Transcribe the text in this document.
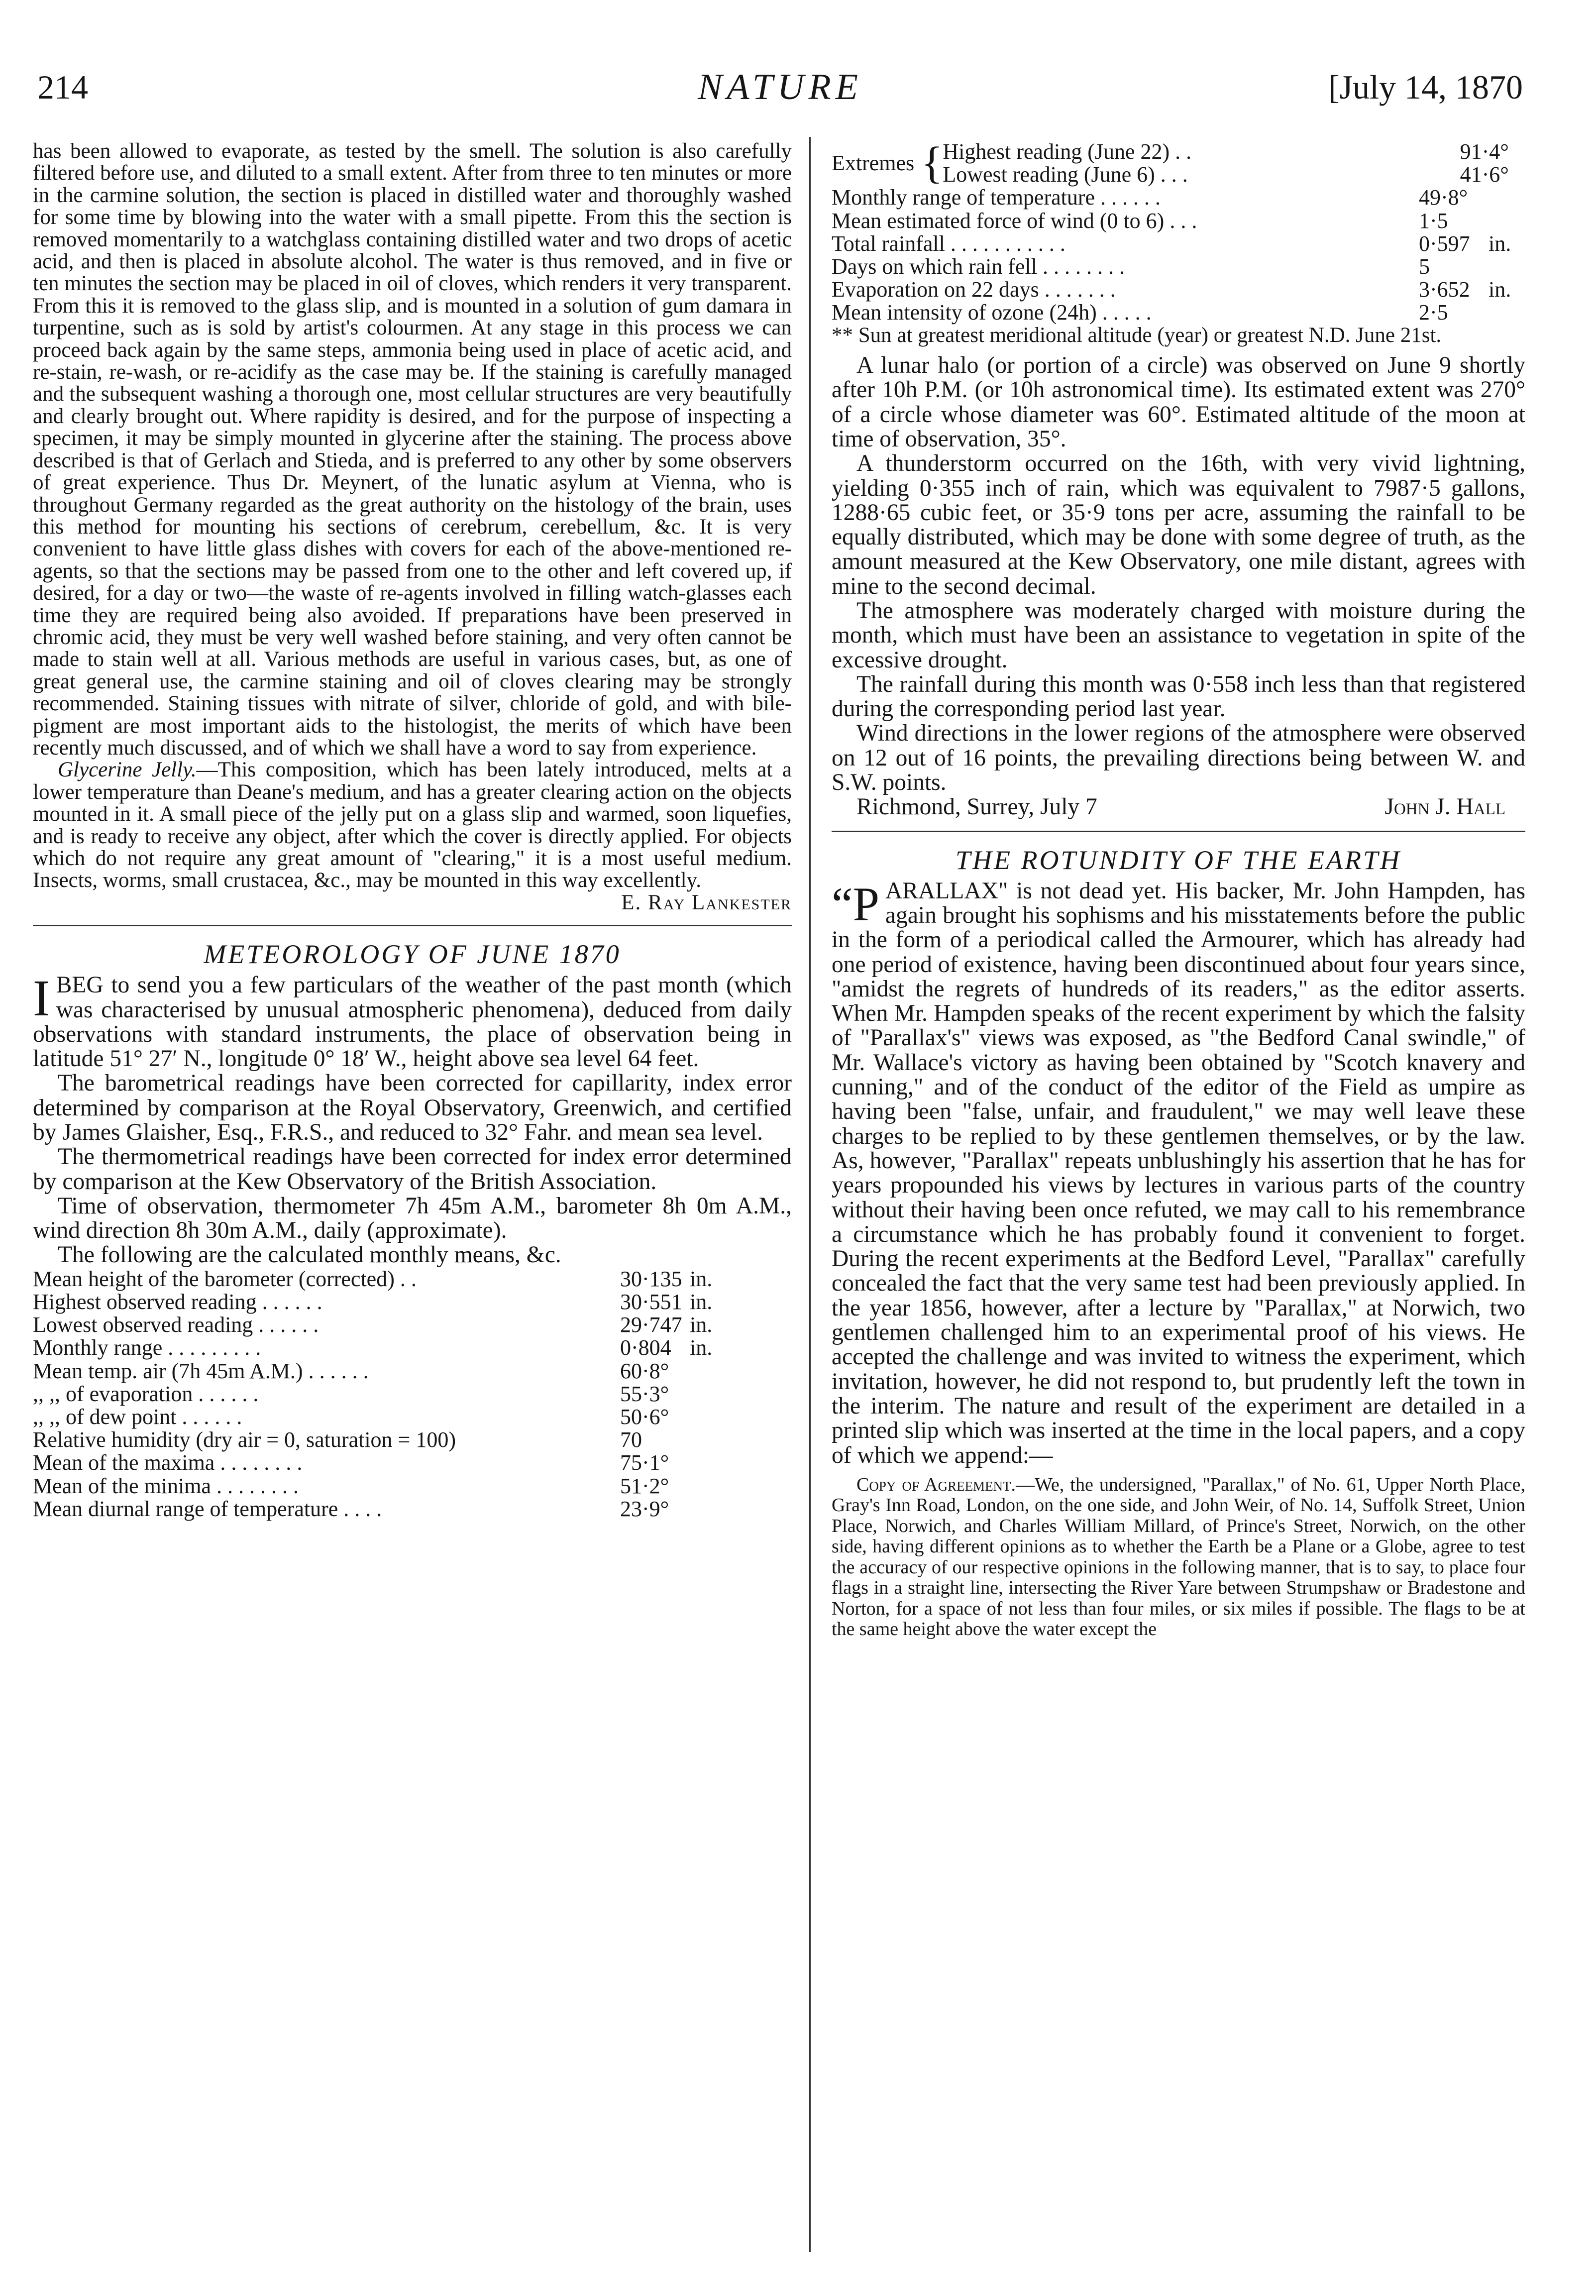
214	NATURE	[July 14, 1870

has been allowed to evaporate, as tested by the smell. The solution is also carefully filtered before use, and diluted to a small extent. After from three to ten minutes or more in the carmine solution, the section is placed in distilled water and thoroughly washed for some time by blowing into the water with a small pipette. From this the section is removed momentarily to a watchglass containing distilled water and two drops of acetic acid, and then is placed in absolute alcohol. The water is thus removed, and in five or ten minutes the section may be placed in oil of cloves, which renders it very transparent. From this it is removed to the glass slip, and is mounted in a solution of gum damara in turpentine, such as is sold by artist's colourmen. At any stage in this process we can proceed back again by the same steps, ammonia being used in place of acetic acid, and re-stain, re-wash, or re-acidify as the case may be. If the staining is carefully managed and the subsequent washing a thorough one, most cellular structures are very beautifully and clearly brought out. Where rapidity is desired, and for the purpose of inspecting a specimen, it may be simply mounted in glycerine after the staining. The process above described is that of Gerlach and Stieda, and is preferred to any other by some observers of great experience. Thus Dr. Meynert, of the lunatic asylum at Vienna, who is throughout Germany regarded as the great authority on the histology of the brain, uses this method for mounting his sections of cerebrum, cerebellum, &c. It is very convenient to have little glass dishes with covers for each of the above-mentioned re-agents, so that the sections may be passed from one to the other and left covered up, if desired, for a day or two—the waste of re-agents involved in filling watch-glasses each time they are required being also avoided. If preparations have been preserved in chromic acid, they must be very well washed before staining, and very often cannot be made to stain well at all. Various methods are useful in various cases, but, as one of great general use, the carmine staining and oil of cloves clearing may be strongly recommended. Staining tissues with nitrate of silver, chloride of gold, and with bile-pigment are most important aids to the histologist, the merits of which have been recently much discussed, and of which we shall have a word to say from experience.

Glycerine Jelly.—This composition, which has been lately introduced, melts at a lower temperature than Deane's medium, and has a greater clearing action on the objects mounted in it. A small piece of the jelly put on a glass slip and warmed, soon liquefies, and is ready to receive any object, after which the cover is directly applied. For objects which do not require any great amount of "clearing," it is a most useful medium. Insects, worms, small crustacea, &c., may be mounted in this way excellently.

E. Ray Lankester

METEOROLOGY OF JUNE 1870

IBEG to send you a few particulars of the weather of the past month (which was characterised by unusual atmospheric phenomena), deduced from daily observations with standard instruments, the place of observation being in latitude 51° 27′ N., longitude 0° 18′ W., height above sea level 64 feet.

The barometrical readings have been corrected for capillarity, index error determined by comparison at the Royal Observatory, Greenwich, and certified by James Glaisher, Esq., F.R.S., and reduced to 32° Fahr. and mean sea level.

The thermometrical readings have been corrected for index error determined by comparison at the Kew Observatory of the British Association.

Time of observation, thermometer 7h 45m A.M., barometer 8h 0m A.M., wind direction 8h 30m A.M., daily (approximate).

The following are the calculated monthly means, &c.

Mean height of the barometer (corrected) . .	30·135	in.
Highest observed reading . . . . . .	30·551	in.
Lowest observed reading . . . . . .	29·747	in.
Monthly range . . . . . . . . .	0·804	in.
Mean temp. air (7h 45m A.M.) . . . . . .	60·8°	
,, ,, of evaporation . . . . . .	55·3°	
,, ,, of dew point . . . . . .	50·6°	
Relative humidity (dry air = 0, saturation = 100)	70	
Mean of the maxima . . . . . . . .	75·1°	
Mean of the minima . . . . . . . .	51·2°	
Mean diurnal range of temperature . . . .	23·9°	
Extremes { Highest reading (June 22) . .	91·4°	
Lowest reading (June 6) . . .	41·6°	
Monthly range of temperature . . . . . .	49·8°	
Mean estimated force of wind (0 to 6) . . .	1·5	
Total rainfall . . . . . . . . . . .	0·597	in.
Days on which rain fell . . . . . . . .	5	
Evaporation on 22 days . . . . . . .	3·652	in.
Mean intensity of ozone (24h) . . . . .	2·5	

** Sun at greatest meridional altitude (year) or greatest N.D. June 21st.

A lunar halo (or portion of a circle) was observed on June 9 shortly after 10h P.M. (or 10h astronomical time). Its estimated extent was 270° of a circle whose diameter was 60°. Estimated altitude of the moon at time of observation, 35°.

A thunderstorm occurred on the 16th, with very vivid lightning, yielding 0·355 inch of rain, which was equivalent to 7987·5 gallons, 1288·65 cubic feet, or 35·9 tons per acre, assuming the rainfall to be equally distributed, which may be done with some degree of truth, as the amount measured at the Kew Observatory, one mile distant, agrees with mine to the second decimal.

The atmosphere was moderately charged with moisture during the month, which must have been an assistance to vegetation in spite of the excessive drought.

The rainfall during this month was 0·558 inch less than that registered during the corresponding period last year.

Wind directions in the lower regions of the atmosphere were observed on 12 out of 16 points, the prevailing directions being between W. and S.W. points.

Richmond, Surrey, July 7	John J. Hall
THE ROTUNDITY OF THE EARTH

“P ARALLAX" is not dead yet. His backer, Mr. John Hampden, has again brought his sophisms and his misstatements before the public in the form of a periodical called the Armourer, which has already had one period of existence, having been discontinued about four years since, "amidst the regrets of hundreds of its readers," as the editor asserts. When Mr. Hampden speaks of the recent experiment by which the falsity of "Parallax's" views was exposed, as "the Bedford Canal swindle," of Mr. Wallace's victory as having been obtained by "Scotch knavery and cunning," and of the conduct of the editor of the Field as umpire as having been "false, unfair, and fraudulent," we may well leave these charges to be replied to by these gentlemen themselves, or by the law. As, however, "Parallax" repeats unblushingly his assertion that he has for years propounded his views by lectures in various parts of the country without their having been once refuted, we may call to his remembrance a circumstance which he has probably found it convenient to forget. During the recent experiments at the Bedford Level, "Parallax" carefully concealed the fact that the very same test had been previously applied. In the year 1856, however, after a lecture by "Parallax," at Norwich, two gentlemen challenged him to an experimental proof of his views. He accepted the challenge and was invited to witness the experiment, which invitation, however, he did not respond to, but prudently left the town in the interim. The nature and result of the experiment are detailed in a printed slip which was inserted at the time in the local papers, and a copy of which we append:—

Copy of Agreement.—We, the undersigned, "Parallax," of No. 61, Upper North Place, Gray's Inn Road, London, on the one side, and John Weir, of No. 14, Suffolk Street, Union Place, Norwich, and Charles William Millard, of Prince's Street, Norwich, on the other side, having different opinions as to whether the Earth be a Plane or a Globe, agree to test the accuracy of our respective opinions in the following manner, that is to say, to place four flags in a straight line, intersecting the River Yare between Strumpshaw or Bradestone and Norton, for a space of not less than four miles, or six miles if possible. The flags to be at the same height above the water except the
